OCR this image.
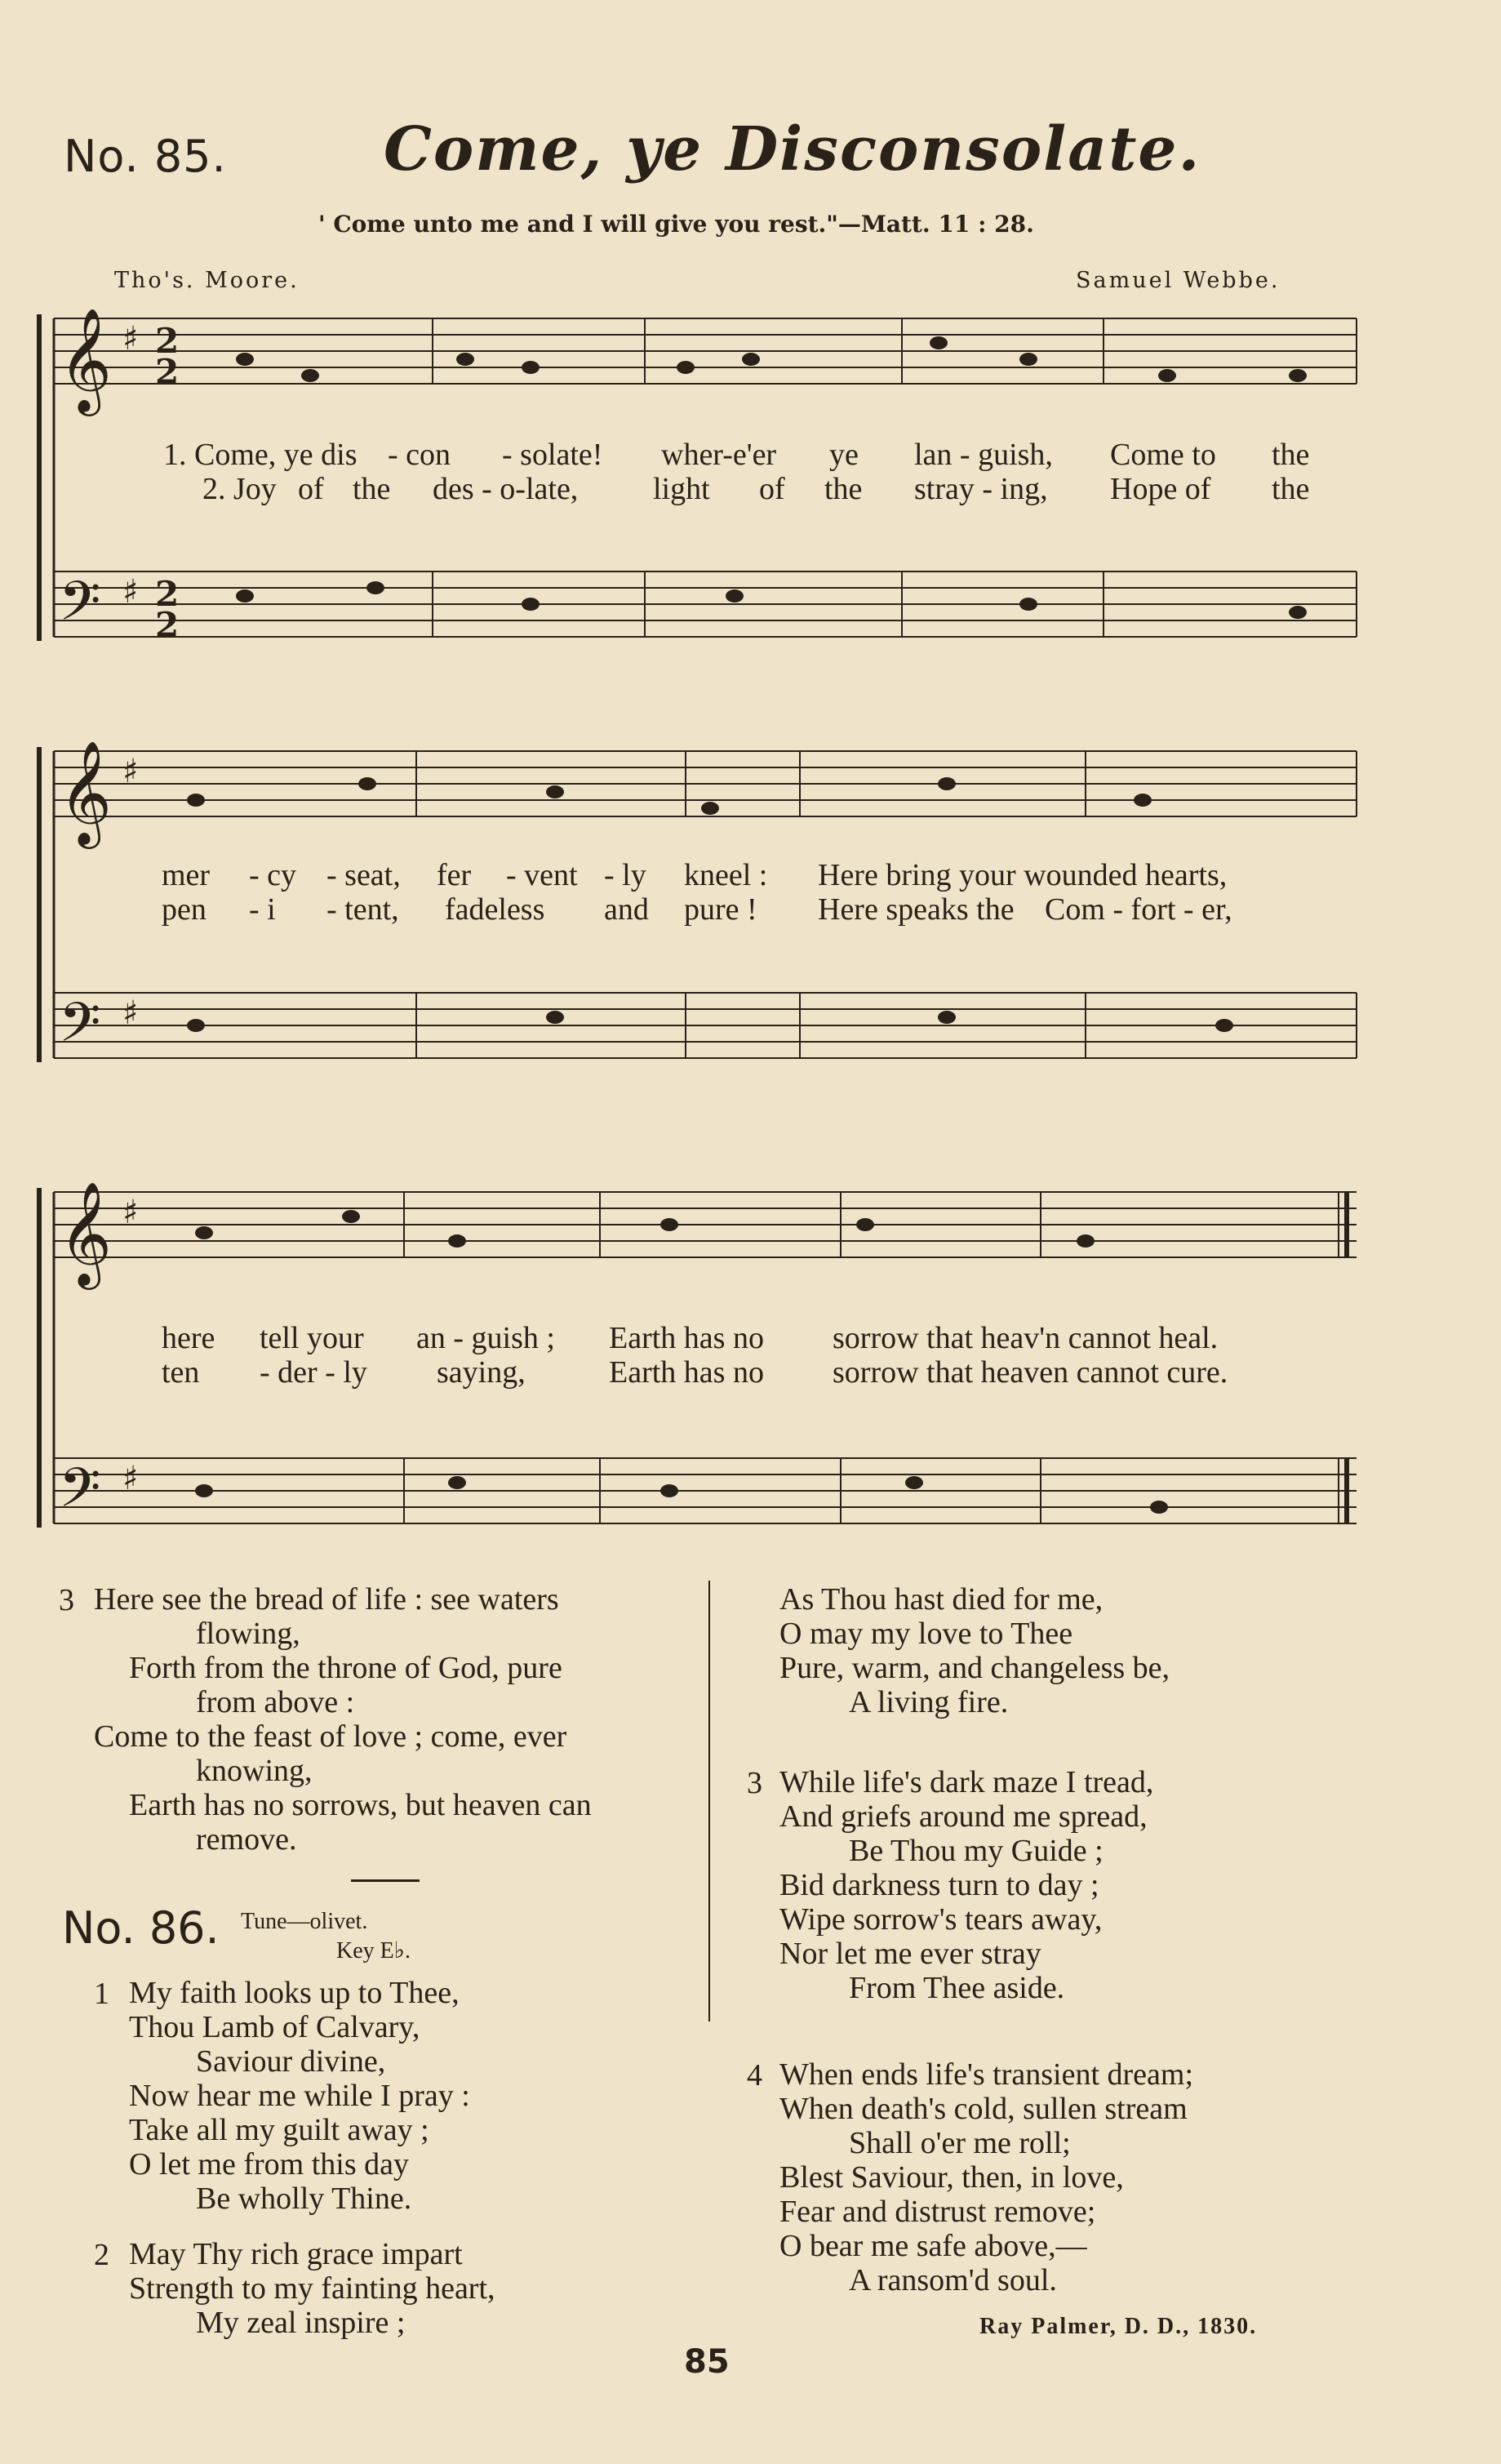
No. 85.	Come, ye Disconsolate.
' Come unto me and I will give you rest."—Matt. 11 : 28.
Tho's. Moore.	Samuel Webbe.
𝄞
𝄢
♯
♯
𝄞
𝄢
♯
♯
𝄞
𝄢
♯
♯
2
2
2
2
1. Come, ye dis - con - solate! wher-e'er ye lan - guish, Come to the
2. Joy of the des - o-late, light of the stray - ing, Hope of the
mer - cy - seat, fer - vent - ly kneel : Here bring your wounded hearts,
pen - i - tent, fadeless and pure ! Here speaks the Com - fort - er,
here tell your an - guish ; Earth has no sorrow that heav'n cannot heal.
ten - der - ly saying,	Earth has no sorrow that heaven cannot cure.
3 Here see the bread of life : see waters
flowing,
Forth from the throne of God, pure
from above :
Come to the feast of love ; come, ever
knowing,
Earth has no sorrows, but heaven can
remove.
No. 86. Tune—olivet.
Key E♭.
1 My faith looks up to Thee,
Thou Lamb of Calvary,
Saviour divine,
Now hear me while I pray :
Take all my guilt away ;
O let me from this day
Be wholly Thine.
2 May Thy rich grace impart
Strength to my fainting heart,
My zeal inspire ;
As Thou hast died for me,
O may my love to Thee
Pure, warm, and changeless be,
A living fire.
3 While life's dark maze I tread,
And griefs around me spread,
Be Thou my Guide ;
Bid darkness turn to day ;
Wipe sorrow's tears away,
Nor let me ever stray
From Thee aside.
4 When ends life's transient dream;
When death's cold, sullen stream
Shall o'er me roll;
Blest Saviour, then, in love,
Fear and distrust remove;
O bear me safe above,—
A ransom'd soul.
Ray Palmer, D. D., 1830.
85
